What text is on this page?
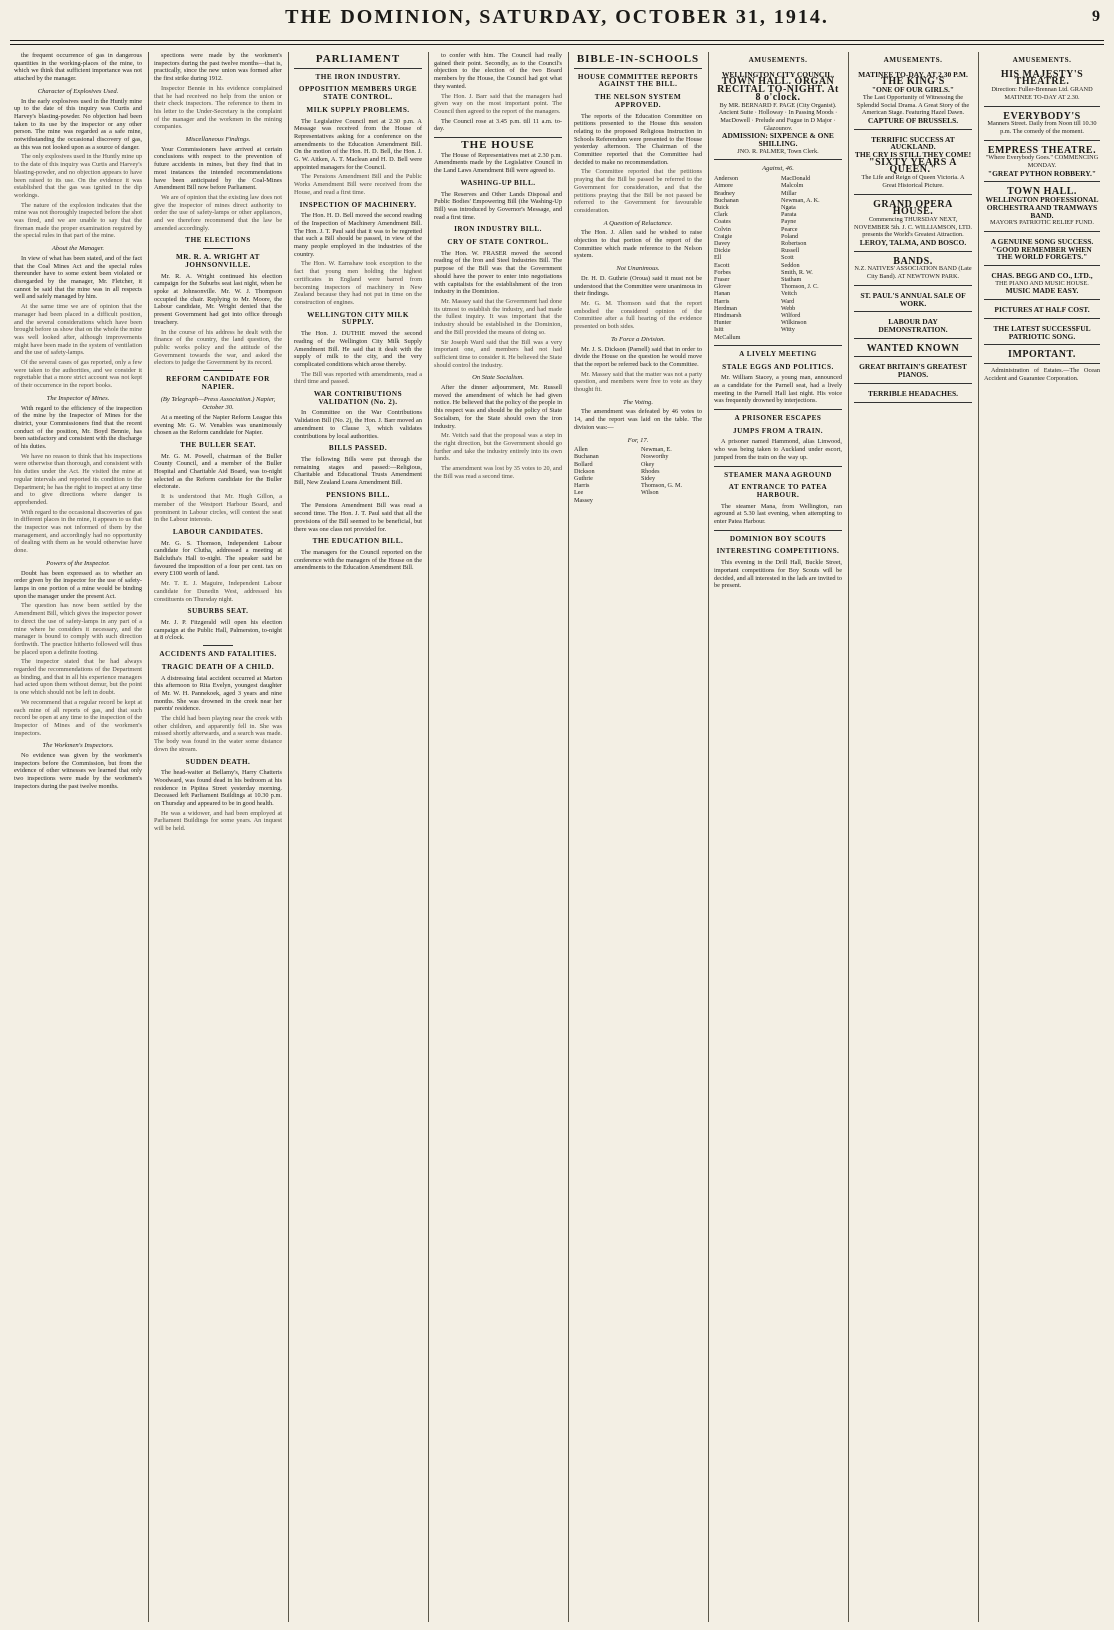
THE DOMINION, SATURDAY, OCTOBER 31, 1914.	9

the frequent occurrence of gas in dangerous quantities in the working-places of the mine, to which we think that sufficient importance was not attached by the manager.

Character of Explosives Used.

In the early explosives used in the Huntly mine up to the date of this inquiry was Curtis and Harvey's blasting-powder. No objection had been taken to its use by the inspector or any other person. The mine was regarded as a safe mine, notwithstanding the occasional discovery of gas, as this was not looked upon as a source of danger.

The only explosives used in the Huntly mine up to the date of this inquiry was Curtis and Harvey's blasting-powder, and no objection appears to have been raised to its use. On the evidence it was established that the gas was ignited in the dip workings.

The nature of the explosion indicates that the mine was not thoroughly inspected before the shot was fired, and we are unable to say that the fireman made the proper examination required by the special rules in that part of the mine.

About the Manager.

In view of what has been stated, and of the fact that the Coal Mines Act and the special rules thereunder have to some extent been violated or disregarded by the manager, Mr. Fletcher, it cannot be said that the mine was in all respects well and safely managed by him.

At the same time we are of opinion that the manager had been placed in a difficult position, and the several considerations which have been brought before us show that on the whole the mine was well looked after, although improvements might have been made in the system of ventilation and the use of safety-lamps.

Of the several cases of gas reported, only a few were taken to the authorities, and we consider it regrettable that a more strict account was not kept of their occurrence in the report books.

The Inspector of Mines.

With regard to the efficiency of the inspection of the mine by the Inspector of Mines for the district, your Commissioners find that the recent conduct of the position, Mr. Boyd Bennie, has been satisfactory and consistent with the discharge of his duties.

We have no reason to think that his inspections were otherwise than thorough, and consistent with his duties under the Act. He visited the mine at regular intervals and reported its condition to the Department; he has the right to inspect at any time and to give directions where danger is apprehended.

With regard to the occasional discoveries of gas in different places in the mine, it appears to us that the inspector was not informed of them by the management, and accordingly had no opportunity of dealing with them as he would otherwise have done.

Powers of the Inspector.

Doubt has been expressed as to whether an order given by the inspector for the use of safety-lamps in one portion of a mine would be binding upon the manager under the present Act.

The question has now been settled by the Amendment Bill, which gives the inspector power to direct the use of safety-lamps in any part of a mine where he considers it necessary, and the manager is bound to comply with such direction forthwith. The practice hitherto followed will thus be placed upon a definite footing.

The inspector stated that he had always regarded the recommendations of the Department as binding, and that in all his experience managers had acted upon them without demur, but the point is one which should not be left in doubt.

We recommend that a regular record be kept at each mine of all reports of gas, and that such record be open at any time to the inspection of the Inspector of Mines and of the workmen's inspectors.

The Workmen's Inspectors.

No evidence was given by the workmen's inspectors before the Commission, but from the evidence of other witnesses we learned that only two inspections were made by the workmen's inspectors during the past twelve months.

spections were made by the workmen's inspectors during the past twelve months—that is, practically, since the new union was formed after the first strike during 1912.

Inspector Bennie in his evidence complained that he had received no help from the union or their check inspectors. The reference to them in his letter to the Under-Secretary is the complaint of the manager and the workmen in the mining companies.

Miscellaneous Findings.

Your Commissioners have arrived at certain conclusions with respect to the prevention of future accidents in mines, but they find that in most instances the intended recommendations have been anticipated by the Coal-Mines Amendment Bill now before Parliament.

We are of opinion that the existing law does not give the inspector of mines direct authority to order the use of safety-lamps or other appliances, and we therefore recommend that the law be amended accordingly.

THE ELECTIONS
MR. R. A. WRIGHT AT JOHNSONVILLE.

Mr. R. A. Wright continued his election campaign for the Suburbs seat last night, when he spoke at Johnsonville. Mr. W. J. Thompson occupied the chair. Replying to Mr. Moore, the Labour candidate, Mr. Wright denied that the present Government had got into office through treachery.

In the course of his address he dealt with the finance of the country, the land question, the public works policy and the attitude of the Government towards the war, and asked the electors to judge the Government by its record.

REFORM CANDIDATE FOR NAPIER.
(By Telegraph—Press Association.) Napier, October 30.

At a meeting of the Napier Reform League this evening Mr. G. W. Venables was unanimously chosen as the Reform candidate for Napier.

THE BULLER SEAT.

Mr. G. M. Powell, chairman of the Buller County Council, and a member of the Buller Hospital and Charitable Aid Board, was to-night selected as the Reform candidate for the Buller electorate.

It is understood that Mr. Hugh Gillon, a member of the Westport Harbour Board, and prominent in Labour circles, will contest the seat in the Labour interests.

LABOUR CANDIDATES.

Mr. G. S. Thomson, Independent Labour candidate for Clutha, addressed a meeting at Balclutha's Hall to-night. The speaker said he favoured the imposition of a four per cent. tax on every £100 worth of land.

Mr. T. E. J. Maguire, Independent Labour candidate for Dunedin West, addressed his constituents on Thursday night.

SUBURBS SEAT.

Mr. J. P. Fitzgerald will open his election campaign at the Public Hall, Palmerston, to-night at 8 o'clock.

ACCIDENTS AND FATALITIES.
TRAGIC DEATH OF A CHILD.

A distressing fatal accident occurred at Marton this afternoon to Rita Evelyn, youngest daughter of Mr. W. H. Pannekoek, aged 3 years and nine months. She was drowned in the creek near her parents' residence.

The child had been playing near the creek with other children, and apparently fell in. She was missed shortly afterwards, and a search was made. The body was found in the water some distance down the stream.

SUDDEN DEATH.

The head-waiter at Bellamy's, Harry Chatteris Woodward, was found dead in his bedroom at his residence in Pipitea Street yesterday morning. Deceased left Parliament Buildings at 10.30 p.m. on Thursday and appeared to be in good health.

He was a widower, and had been employed at Parliament Buildings for some years. An inquest will be held.

PARLIAMENT
THE IRON INDUSTRY.
OPPOSITION MEMBERS URGE STATE CONTROL.
MILK SUPPLY PROBLEMS.

The Legislative Council met at 2.30 p.m. A Message was received from the House of Representatives asking for a conference on the amendments to the Education Amendment Bill. On the motion of the Hon. H. D. Bell, the Hon. J. G. W. Aitken, A. T. Maclean and H. D. Bell were appointed managers for the Council.

The Pensions Amendment Bill and the Public Works Amendment Bill were received from the House, and read a first time.

INSPECTION OF MACHINERY.

The Hon. H. D. Bell moved the second reading of the Inspection of Machinery Amendment Bill. The Hon. J. T. Paul said that it was to be regretted that such a Bill should be passed, in view of the many people employed in the industries of the country.

The Hon. W. Earnshaw took exception to the fact that young men holding the highest certificates in England were barred from becoming inspectors of machinery in New Zealand because they had not put in time on the construction of engines.

WELLINGTON CITY MILK SUPPLY.

The Hon. J. DUTHIE moved the second reading of the Wellington City Milk Supply Amendment Bill. He said that it dealt with the supply of milk to the city, and the very complicated conditions which arose thereby.

The Bill was reported with amendments, read a third time and passed.

WAR CONTRIBUTIONS VALIDATION (No. 2).

In Committee on the War Contributions Validation Bill (No. 2), the Hon. J. Barr moved an amendment to Clause 3, which validates contributions by local authorities.

BILLS PASSED.

The following Bills were put through the remaining stages and passed:—Religious, Charitable and Educational Trusts Amendment Bill, New Zealand Loans Amendment Bill.

PENSIONS BILL.

The Pensions Amendment Bill was read a second time. The Hon. J. T. Paul said that all the provisions of the Bill seemed to be beneficial, but there was one class not provided for.

THE EDUCATION BILL.

The managers for the Council reported on the conference with the managers of the House on the amendments to the Education Amendment Bill.

to confer with him. The Council had really gained their point. Secondly, as to the Council's objection to the election of the two Board members by the House, the Council had got what they wanted.

The Hon. J. Barr said that the managers had given way on the most important point. The Council then agreed to the report of the managers.

The Council rose at 3.45 p.m. till 11 a.m. to-day.

THE HOUSE

The House of Representatives met at 2.30 p.m. Amendments made by the Legislative Council in the Land Laws Amendment Bill were agreed to.

WASHING-UP BILL.

The Reserves and Other Lands Disposal and Public Bodies' Empowering Bill (the Washing-Up Bill) was introduced by Governor's Message, and read a first time.

IRON INDUSTRY BILL.
CRY OF STATE CONTROL.

The Hon. W. FRASER moved the second reading of the Iron and Steel Industries Bill. The purpose of the Bill was that the Government should have the power to enter into negotiations with capitalists for the establishment of the iron industry in the Dominion.

Mr. Massey said that the Government had done its utmost to establish the industry, and had made the fullest inquiry. It was important that the industry should be established in the Dominion, and the Bill provided the means of doing so.

Sir Joseph Ward said that the Bill was a very important one, and members had not had sufficient time to consider it. He believed the State should control the industry.

On State Socialism.

After the dinner adjournment, Mr. Russell moved the amendment of which he had given notice. He believed that the policy of the people in this respect was and should be the policy of State Socialism, for the State should own the iron industry.

Mr. Veitch said that the proposal was a step in the right direction, but the Government should go further and take the industry entirely into its own hands.

The amendment was lost by 35 votes to 20, and the Bill was read a second time.

BIBLE-IN-SCHOOLS
HOUSE COMMITTEE REPORTS AGAINST THE BILL.
THE NELSON SYSTEM APPROVED.

The reports of the Education Committee on petitions presented to the House this session relating to the proposed Religious Instruction in Schools Referendum were presented to the House yesterday afternoon. The Chairman of the Committee reported that the Committee had decided to make no recommendation.

The Committee reported that the petitions praying that the Bill be passed be referred to the Government for consideration, and that the petitions praying that the Bill be not passed be referred to the Government for favourable consideration.

A Question of Reluctance.

The Hon. J. Allen said he wished to raise objection to that portion of the report of the Committee which made reference to the Nelson system.

Not Unanimous.

Dr. H. D. Guthrie (Oroua) said it must not be understood that the Committee were unanimous in their findings.

Mr. G. M. Thomson said that the report embodied the considered opinion of the Committee after a full hearing of the evidence presented on both sides.

To Force a Division.

Mr. J. S. Dickson (Parnell) said that in order to divide the House on the question he would move that the report be referred back to the Committee.

Mr. Massey said that the matter was not a party question, and members were free to vote as they thought fit.

The Voting.

The amendment was defeated by 46 votes to 14, and the report was laid on the table. The division was:—

For, 17.
Allen
Buchanan
Bollard
Dickson
Guthrie
Harris
Lee
Massey
Newman, E.
Nosworthy
Okey
Rhodes
Sidey
Thomson, G. M.
Wilson
AMUSEMENTS.
WELLINGTON CITY COUNCIL.
TOWN HALL. ORGAN RECITAL TO-NIGHT. At 8 o'clock.
By MR. BERNARD F. PAGE (City Organist). Ancient Suite · Holloway · In Passing Moods · MacDowell · Prelude and Fugue in D Major · Glazounov.
ADMISSION: SIXPENCE & ONE SHILLING.
JNO. R. PALMER, Town Clerk.
Against, 46.
Anderson
Atmore
Bradney
Buchanan
Buick
Clark
Coates
Colvin
Craigie
Davey
Dickie
Ell
Escott
Forbes
Fraser
Glover
Hanan
Harris
Herdman
Hindmarsh
Hunter
Isitt
McCallum
MacDonald
Malcolm
Millar
Newman, A. K.
Ngata
Parata
Payne
Pearce
Poland
Robertson
Russell
Scott
Seddon
Smith, R. W.
Statham
Thomson, J. C.
Veitch
Ward
Webb
Wilford
Wilkinson
Witty
A LIVELY MEETING
STALE EGGS AND POLITICS.

Mr. William Stacey, a young man, announced as a candidate for the Parnell seat, had a lively meeting in the Parnell Hall last night. His voice was frequently drowned by interjections.

A PRISONER ESCAPES
JUMPS FROM A TRAIN.

A prisoner named Hammond, alias Linwood, who was being taken to Auckland under escort, jumped from the train on the way up.

STEAMER MANA AGROUND
AT ENTRANCE TO PATEA HARBOUR.

The steamer Mana, from Wellington, ran aground at 5.30 last evening, when attempting to enter Patea Harbour.

DOMINION BOY SCOUTS
INTERESTING COMPETITIONS.

This evening in the Drill Hall, Buckle Street, important competitions for Boy Scouts will be decided, and all interested in the lads are invited to be present.

AMUSEMENTS.
MATINEE TO-DAY, AT 2.30 P.M.
THE KING'S
"ONE OF OUR GIRLS."
The Last Opportunity of Witnessing the Splendid Social Drama. A Great Story of the American Stage. Featuring Hazel Dawn.
CAPTURE OF BRUSSELS.
TERRIFIC SUCCESS AT AUCKLAND.
THE CRY IS STILL THEY COME!
"SIXTY YEARS A QUEEN."
The Life and Reign of Queen Victoria. A Great Historical Picture.
GRAND OPERA HOUSE.
Commencing THURSDAY NEXT, NOVEMBER 5th. J. C. WILLIAMSON, LTD. presents the World's Greatest Attraction.
LEROY, TALMA, AND BOSCO.
BANDS.
N.Z. NATIVES' ASSOCIATION BAND (Late City Band). AT NEWTOWN PARK.
ST. PAUL'S ANNUAL SALE OF WORK.
LABOUR DAY DEMONSTRATION.
WANTED KNOWN
GREAT BRITAIN'S GREATEST PIANOS.
TERRIBLE HEADACHES.
AMUSEMENTS.
HIS MAJESTY'S THEATRE.
Direction: Fuller-Brennan Ltd. GRAND MATINEE TO-DAY AT 2.30.
EVERYBODY'S
Manners Street. Daily from Noon till 10.30 p.m. The comedy of the moment.
EMPRESS THEATRE.
"Where Everybody Goes." COMMENCING MONDAY.
"GREAT PYTHON ROBBERY."
TOWN HALL.
WELLINGTON PROFESSIONAL ORCHESTRA AND TRAMWAYS BAND.
MAYOR'S PATRIOTIC RELIEF FUND.
A GENUINE SONG SUCCESS.
"GOOD REMEMBER WHEN THE WORLD FORGETS."
CHAS. BEGG AND CO., LTD.,
THE PIANO AND MUSIC HOUSE.
MUSIC MADE EASY.
PICTURES AT HALF COST.
THE LATEST SUCCESSFUL PATRIOTIC SONG.
IMPORTANT.

Administration of Estates.—The Ocean Accident and Guarantee Corporation.
